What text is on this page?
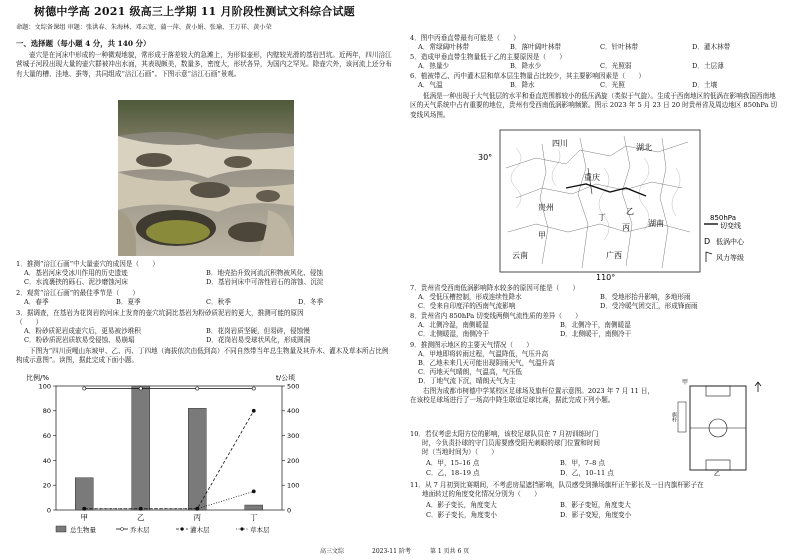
树德中学高 2021 级高三上学期 11 月阶段性测试文科综合试题
命题：文综备课组 审题：张洪春、朱海林、邓云宽、蒲一萍、黄小娟、张瑜、王万祥、黄小荣
一、选择题（每小题 4 分，共 140 分）
壶穴是在河床中形成的一种微观地貌，常形成于落差较大的急滩上，为形似壶形，内壁较光滑的基岩凹坑。近两年，四川涪江营城子河段出现大量的壶穴群被冲出水面，其表现颇美，数量多，密度大，形状各异，为国内之罕见。除壶穴外，该河流上还分布有大量的槽、洼地、蚕等，共同组成“涪江石画”。下图示意“涪江石画”景观。
1．推测“涪江石画”中大量壶穴的成因是（　　）
A．基岩河床受冰川作用的历史遗迹	B．地壳抬升致河流沉积物被风化、侵蚀
C．水流裹挟的砾石、泥沙磨蚀河床	D．基岩河床中可溶性岩石的溶蚀、沉淀
2．观赏“涪江石画”的最佳季节是（　　）
A．春季	B．夏季	C．秋季	D．冬季
3．据调查，在基岩为花岗岩的河床上发育的壶穴坑洞比基岩为粉砂质泥岩的更大，推测可能的原因
（　　）
A．粉砂质泥岩成壶穴后，更易被沙堆积	B．花岗岩质坚硬，但易碎，侵蚀慢
C．粉砂质泥岩质软易受侵蚀、易崩塌	D．花岗岩易受球状风化，形成圆洞
下图为“四川贡嘎山东坡甲、乙、丙、丁四地（海拔依次由低到高）不同自然带当年总生物量及其乔木、灌木及草本所占比例构成示意图”。读图，据此完成下面小题。
比例/%	t/公顷
0
20
40
60
80
100
0
100
200
300
400
500
甲	乙	丙	丁
总生物量	乔木层	灌木层	草本层
4．图中丙垂直带最有可能是（　　）
A．常绿阔叶林带	B．落叶阔叶林带	C．针叶林带	D．灌木林带
5．造成甲垂直带生物量低于乙的主要原因是（　　）
A．热量少	B．降水少	C．光照弱	D．土层薄
6．植被带乙、丙中灌木层和草本层生物量占比较少，其主要影响因素是（　　）
A．气温	B．降水	C．光照	D．土壤
低涡是一种出现于大气低层的水平和垂直范围都较小的低压涡旋（类似于气旋）。生成于西南地区的低涡在影响我国西南地区的天气系统中占有重要的地位，贵州有受西南低涡影响频繁。图示 2023 年 5 月 23 日 20 时贵州省及周边地区 850hPa 切变线风场图。
四川	湖北
重庆
贵州
湖南
云南	广西
甲
乙
丙
丁
30°
110°
850hPa
切变线
D 低涡中心
风力等级
7．贵州省受西南低涡影响降水较多的原因可能是（　　）
A．受低压槽控制，形成连续性降水	B．受地形抬升影响，多地形雨
C．受来自印度洋的西南气流影响	D．受冷暖气团交汇，形成锋面雨
8．贵州省内 850hPa 切变线两侧气流性质的差异（　　）
A．北侧冷湿，南侧暖湿	B．北侧冷干，南侧暖湿
C．北侧暖湿，南侧冷干	D．北侧暖干，南侧冷干
9．推测图示地区的主要天气情况（　　）
A．甲地即将转雨过程，气温降低，气压升高
B．乙地未来几天可能出现阴雨天气，气温升高
C．丙地天气晴朗，气温高，气压低
D．丁地气流下沉，晴朗天气为主
右图为成都市树德中学某校区足球场及旗杆位置示意图。2023 年 7 月 11 日，在该校足球场进行了一场高中降生联谊足球比赛，据此完成下列小题。
甲
乙
旗杆
10．若仅考虑太阳方位的影响，该校足球队员在 7 月初训练时门
时，今负责扑球的守门员需要感受阳光刺眼的球门位置和时间
时（当地时间为）（　　）
A．甲，15–16 点	B．甲，7–8 点
C．乙，18–19 点	D．乙，10–11 点
11．从 7 月初到比赛期间，不考虑房屋遮挡影响，队员感受到操场旗杆正午影长及一日内旗杆影子在
地面转过的角度变化情况分别为（　　）
A．影子变长，角度变大	B．影子变短，角度变大
C．影子变长，角度变小	D．影子变短，角度变小
高三文综	2023-11 阶考	第 1 页共 6 页
